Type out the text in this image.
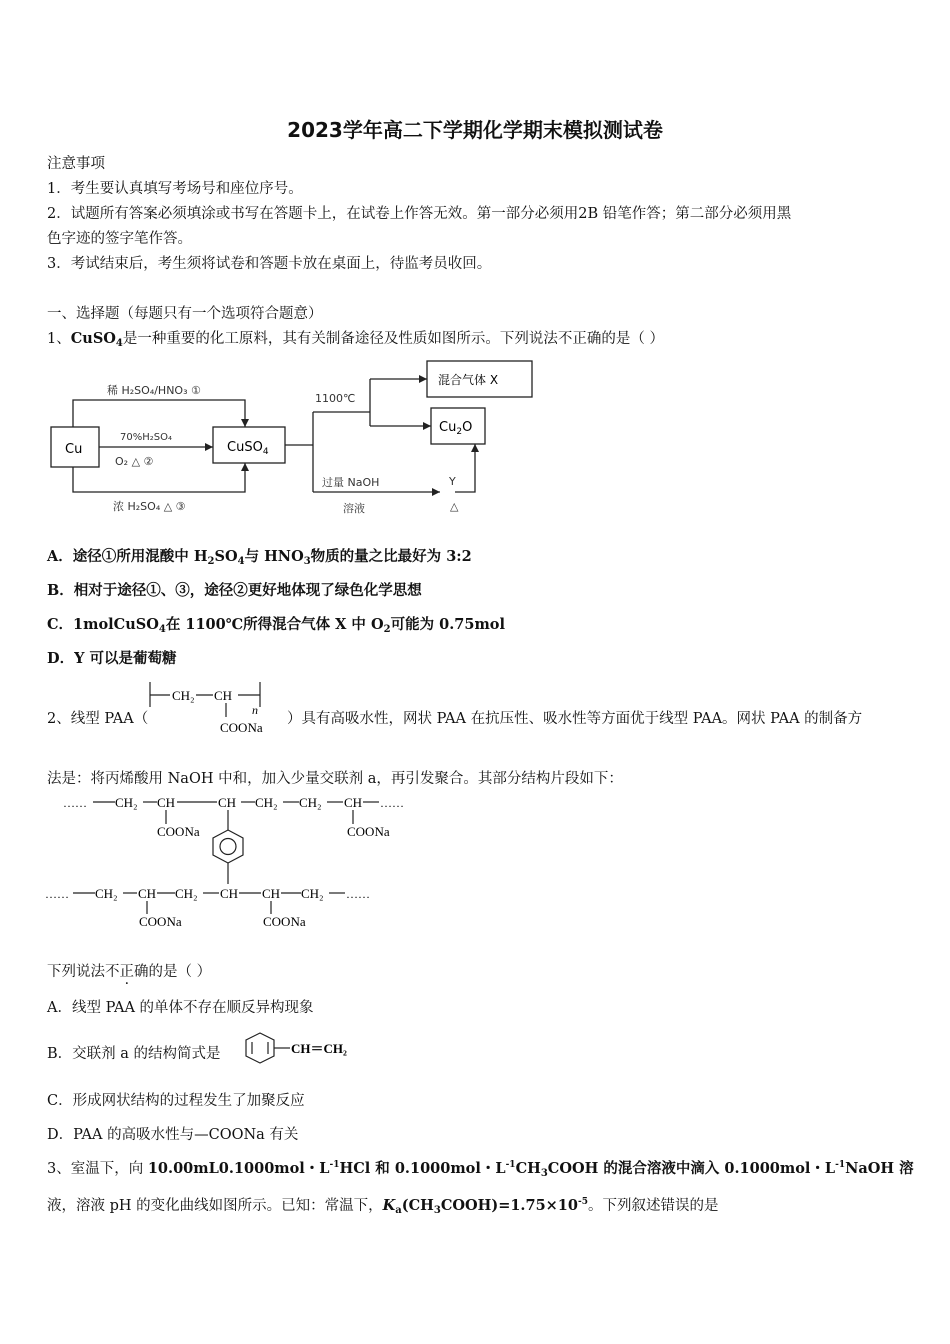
2023学年高二下学期化学期末模拟测试卷
注意事项
1．考生要认真填写考场号和座位序号。
2．试题所有答案必须填涂或书写在答题卡上，在试卷上作答无效。第一部分必须用2B 铅笔作答；第二部分必须用黑
色字迹的签字笔作答。
3．考试结束后，考生须将试卷和答题卡放在桌面上，待监考员收回。
一、选择题（每题只有一个选项符合题意）
1、CuSO$_4$是一种重要的化工原料，其有关制备途径及性质如图所示。下列说法不正确的是（ ）
Cu	CuSO$_4$
混合气体 X
$Cu_2O$
稀 H₂SO₄/HNO₃ ①
70%H₂SO₄
O₂ △ ②
浓 H₂SO₄ △ ③
1100℃
过量 NaOH
溶液
Y
△
A．途径①所用混酸中 $H_2SO_4$与 $HNO_3$物质的量之比最好为 3:2
B．相对于途径①、③，途径②更好地体现了绿色化学思想
C．1molCuSO$_4$在 1100℃所得混合气体 X 中 $O_2$可能为 0.75mol
D．Y 可以是葡萄糖
2、线型 PAA（
CH₂ CH
n
COONa
）具有高吸水性，网状 PAA 在抗压性、吸水性等方面优于线型 PAA。网状 PAA 的制备方
法是：将丙烯酸用 NaOH 中和，加入少量交联剂 a，再引发聚合。其部分结构片段如下：
…… CH₂ CH	CH CH₂ CH₂ CH ……
COONa	COONa
…… CH₂ CH CH₂ CH CH CH₂ ……
COONa	COONa
下列说法不正确的是（ ）
A．线型 PAA 的单体不存在顺反异构现象
B．交联剂 a 的结构简式是	CH＝CH₂
C．形成网状结构的过程发生了加聚反应
D．PAA 的高吸水性与—COONa 有关
3、室温下，向 10.00mL0.1000mol・$L^{-1}HCl$ 和 0.1000mol・$L^{-1}CH_3COOH$ 的混合溶液中滴入 0.1000mol・$L^{-1}NaOH$ 溶
液，溶液 pH 的变化曲线如图所示。已知：常温下，$K_a(CH_3COOH)=1.75\times 10^{-5}$。下列叙述错误的是
